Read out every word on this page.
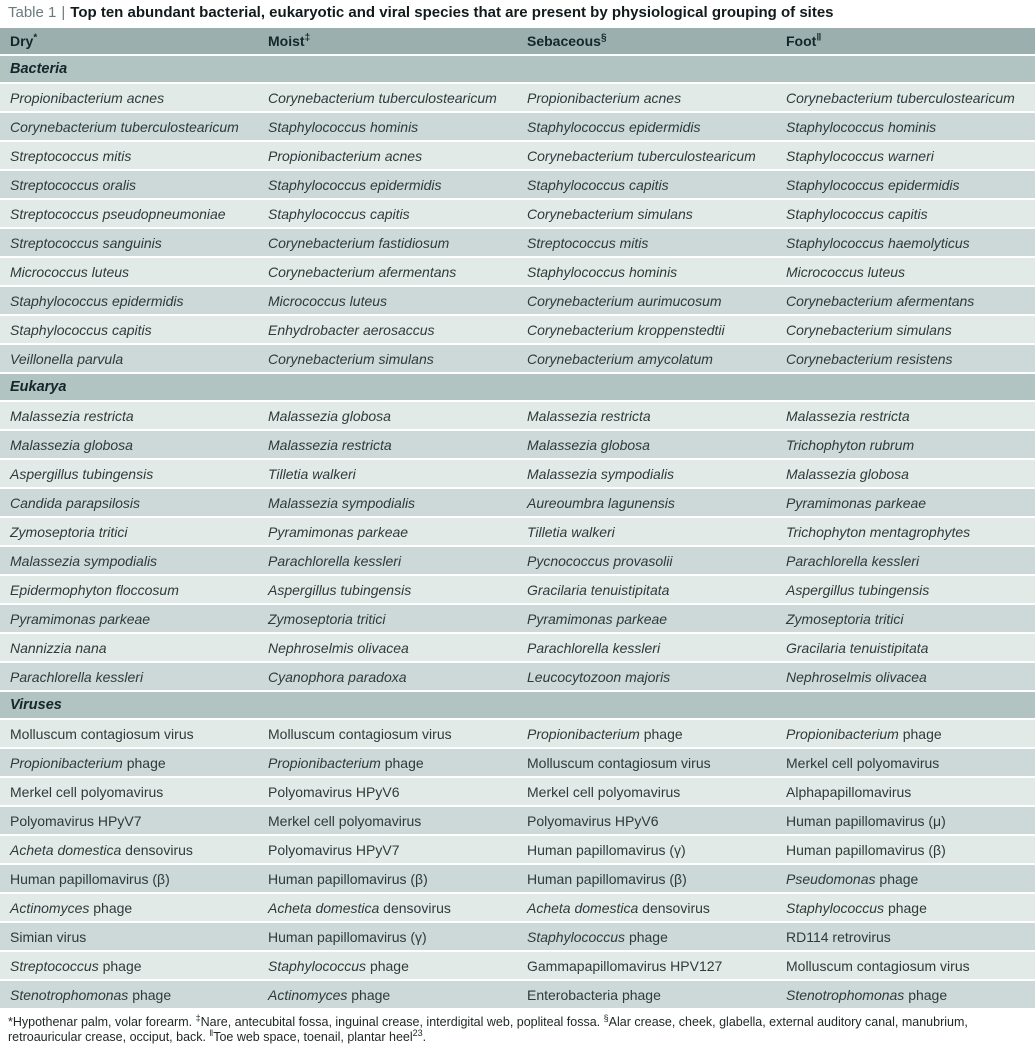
Table 1 | Top ten abundant bacterial, eukaryotic and viral species that are present by physiological grouping of sites
Dry*	Moist‡	Sebaceous§	Foot‖
Bacteria
Propionibacterium acnes	Corynebacterium tuberculostearicum	Propionibacterium acnes	Corynebacterium tuberculostearicum
Corynebacterium tuberculostearicum	Staphylococcus hominis	Staphylococcus epidermidis	Staphylococcus hominis
Streptococcus mitis	Propionibacterium acnes	Corynebacterium tuberculostearicum	Staphylococcus warneri
Streptococcus oralis	Staphylococcus epidermidis	Staphylococcus capitis	Staphylococcus epidermidis
Streptococcus pseudopneumoniae	Staphylococcus capitis	Corynebacterium simulans	Staphylococcus capitis
Streptococcus sanguinis	Corynebacterium fastidiosum	Streptococcus mitis	Staphylococcus haemolyticus
Micrococcus luteus	Corynebacterium afermentans	Staphylococcus hominis	Micrococcus luteus
Staphylococcus epidermidis	Micrococcus luteus	Corynebacterium aurimucosum	Corynebacterium afermentans
Staphylococcus capitis	Enhydrobacter aerosaccus	Corynebacterium kroppenstedtii	Corynebacterium simulans
Veillonella parvula	Corynebacterium simulans	Corynebacterium amycolatum	Corynebacterium resistens
Eukarya
Malassezia restricta	Malassezia globosa	Malassezia restricta	Malassezia restricta
Malassezia globosa	Malassezia restricta	Malassezia globosa	Trichophyton rubrum
Aspergillus tubingensis	Tilletia walkeri	Malassezia sympodialis	Malassezia globosa
Candida parapsilosis	Malassezia sympodialis	Aureoumbra lagunensis	Pyramimonas parkeae
Zymoseptoria tritici	Pyramimonas parkeae	Tilletia walkeri	Trichophyton mentagrophytes
Malassezia sympodialis	Parachlorella kessleri	Pycnococcus provasolii	Parachlorella kessleri
Epidermophyton floccosum	Aspergillus tubingensis	Gracilaria tenuistipitata	Aspergillus tubingensis
Pyramimonas parkeae	Zymoseptoria tritici	Pyramimonas parkeae	Zymoseptoria tritici
Nannizzia nana	Nephroselmis olivacea	Parachlorella kessleri	Gracilaria tenuistipitata
Parachlorella kessleri	Cyanophora paradoxa	Leucocytozoon majoris	Nephroselmis olivacea
Viruses
Molluscum contagiosum virus	Molluscum contagiosum virus	Propionibacterium phage	Propionibacterium phage
Propionibacterium phage	Propionibacterium phage	Molluscum contagiosum virus	Merkel cell polyomavirus
Merkel cell polyomavirus	Polyomavirus HPyV6	Merkel cell polyomavirus	Alphapapillomavirus
Polyomavirus HPyV7	Merkel cell polyomavirus	Polyomavirus HPyV6	Human papillomavirus (μ)
Acheta domestica densovirus	Polyomavirus HPyV7	Human papillomavirus (γ)	Human papillomavirus (β)
Human papillomavirus (β)	Human papillomavirus (β)	Human papillomavirus (β)	Pseudomonas phage
Actinomyces phage	Acheta domestica densovirus	Acheta domestica densovirus	Staphylococcus phage
Simian virus	Human papillomavirus (γ)	Staphylococcus phage	RD114 retrovirus
Streptococcus phage	Staphylococcus phage	Gammapapillomavirus HPV127	Molluscum contagiosum virus
Stenotrophomonas phage	Actinomyces phage	Enterobacteria phage	Stenotrophomonas phage
*Hypothenar palm, volar forearm. ‡Nare, antecubital fossa, inguinal crease, interdigital web, popliteal fossa. §Alar crease, cheek, glabella, external auditory canal, manubrium, retroauricular crease, occiput, back. ‖Toe web space, toenail, plantar heel$^{23}$.
